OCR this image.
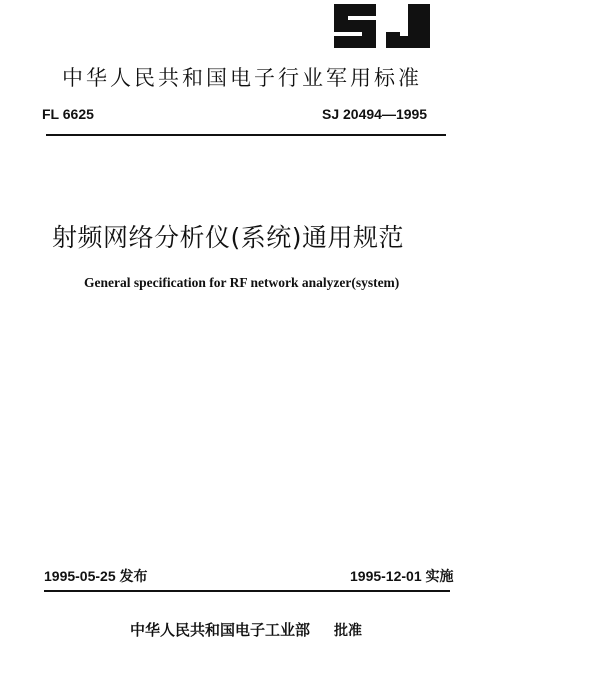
中华人民共和国电子行业军用标准
FL 6625	SJ 20494—1995
射频网络分析仪(系统)通用规范
General specification for RF network analyzer(system)
1995-05-25 发布	1995-12-01 实施
中华人民共和国电子工业部 批准
